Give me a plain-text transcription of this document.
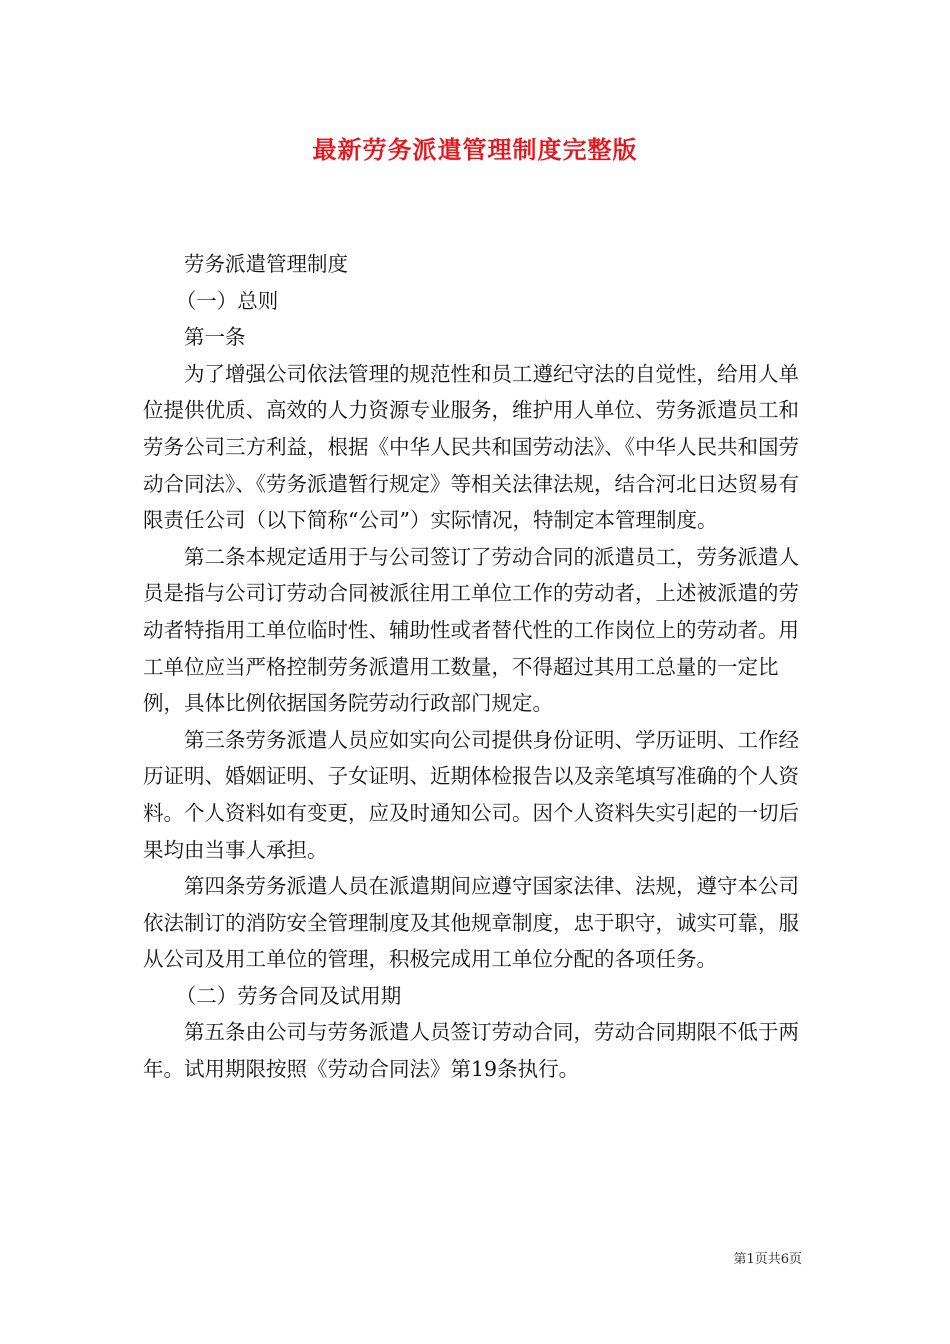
最新劳务派遣管理制度完整版

劳务派遣管理制度

（一）总则

第一条

为了增强公司依法管理的规范性和员工遵纪守法的自觉性，给用人单位提供优质、高效的人力资源专业服务，维护用人单位、劳务派遣员工和劳务公司三方利益，根据《中华人民共和国劳动法》、《中华人民共和国劳动合同法》、《劳务派遣暂行规定》等相关法律法规，结合河北日达贸易有限责任公司（以下简称“公司”）实际情况，特制定本管理制度。

第二条本规定适用于与公司签订了劳动合同的派遣员工，劳务派遣人员是指与公司订劳动合同被派往用工单位工作的劳动者，上述被派遣的劳动者特指用工单位临时性、辅助性或者替代性的工作岗位上的劳动者。用工单位应当严格控制劳务派遣用工数量，不得超过其用工总量的一定比例，具体比例依据国务院劳动行政部门规定。

第三条劳务派遣人员应如实向公司提供身份证明、学历证明、工作经历证明、婚姻证明、子女证明、近期体检报告以及亲笔填写准确的个人资料。个人资料如有变更，应及时通知公司。因个人资料失实引起的一切后果均由当事人承担。

第四条劳务派遣人员在派遣期间应遵守国家法律、法规，遵守本公司依法制订的消防安全管理制度及其他规章制度，忠于职守，诚实可靠，服从公司及用工单位的管理，积极完成用工单位分配的各项任务。

（二）劳务合同及试用期

第五条由公司与劳务派遣人员签订劳动合同，劳动合同期限不低于两年。试用期限按照《劳动合同法》第19条执行。

第1页共6页
